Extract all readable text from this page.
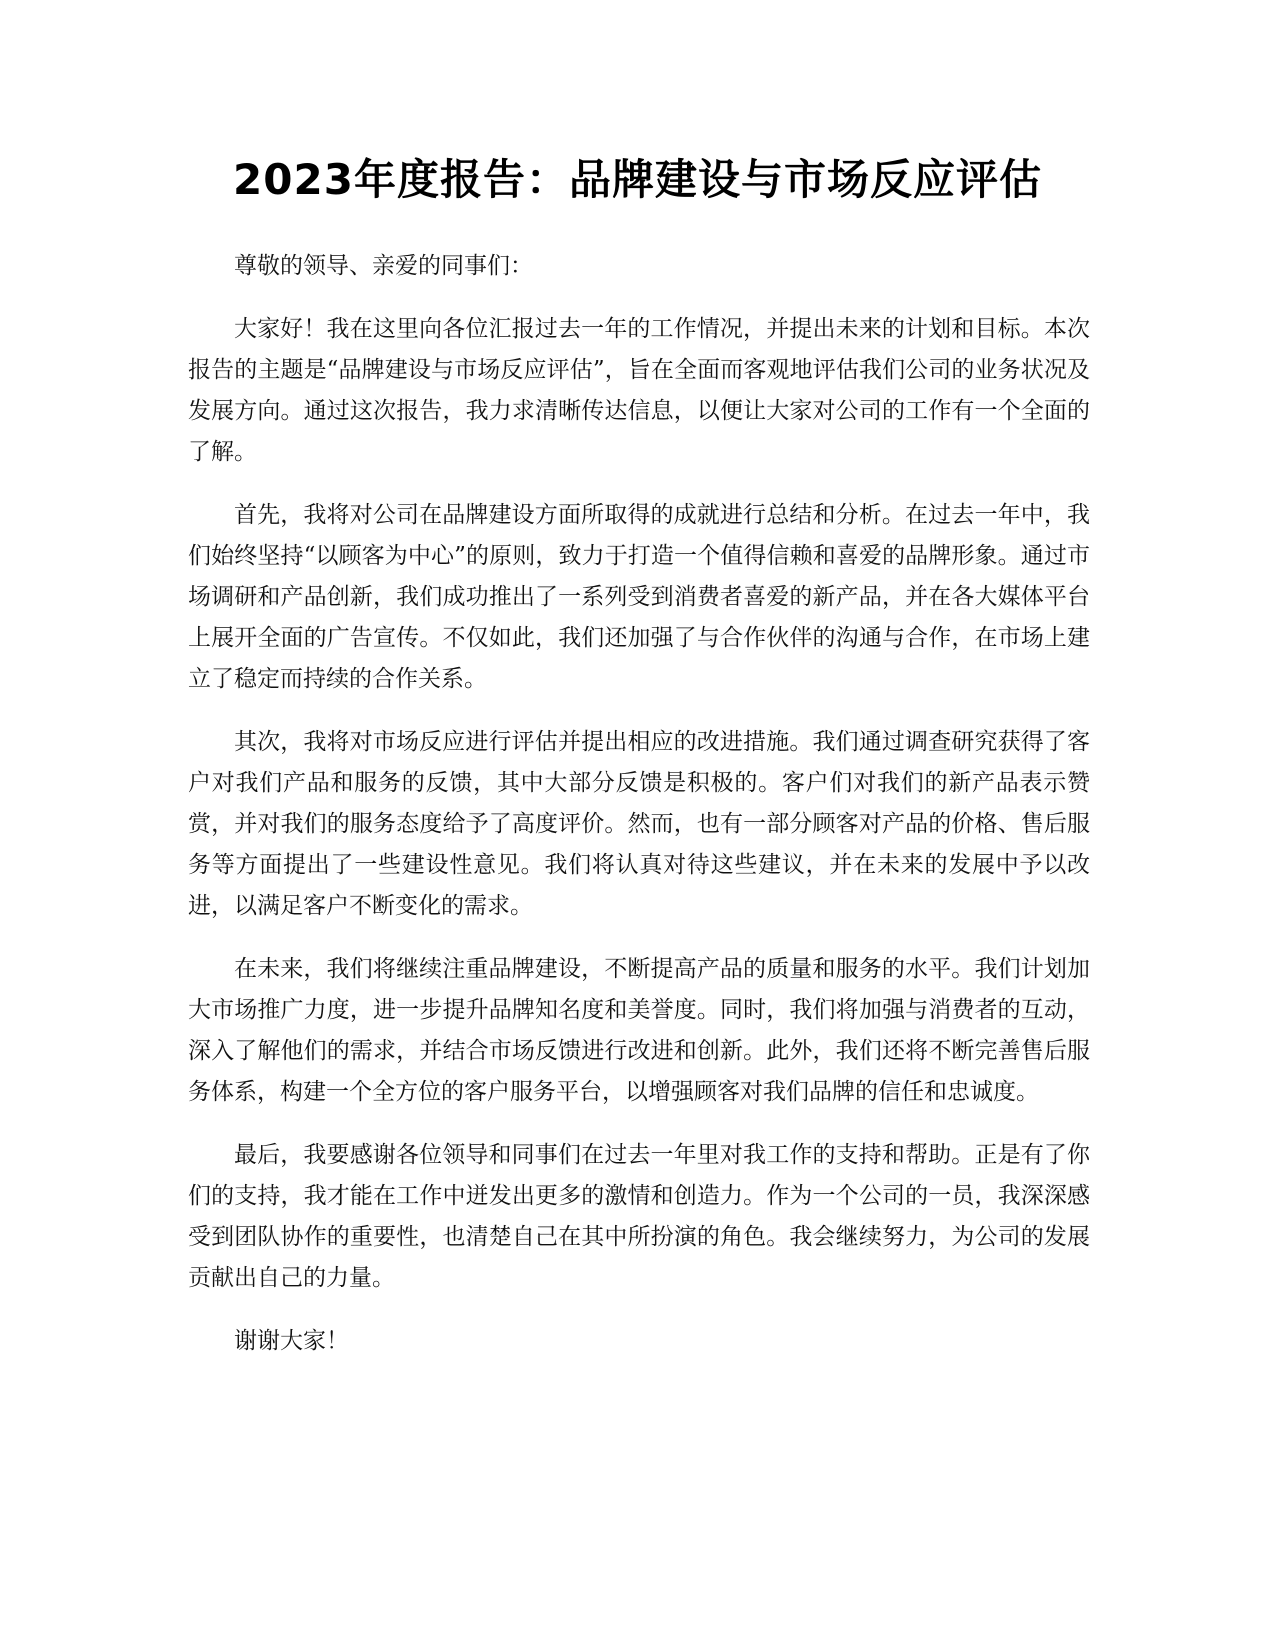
2023年度报告：品牌建设与市场反应评估

尊敬的领导、亲爱的同事们：

大家好！我在这里向各位汇报过去一年的工作情况，并提出未来的计划和目标。本次报告的主题是“品牌建设与市场反应评估”，旨在全面而客观地评估我们公司的业务状况及发展方向。通过这次报告，我力求清晰传达信息，以便让大家对公司的工作有一个全面的了解。

首先，我将对公司在品牌建设方面所取得的成就进行总结和分析。在过去一年中，我们始终坚持“以顾客为中心”的原则，致力于打造一个值得信赖和喜爱的品牌形象。通过市场调研和产品创新，我们成功推出了一系列受到消费者喜爱的新产品，并在各大媒体平台上展开全面的广告宣传。不仅如此，我们还加强了与合作伙伴的沟通与合作，在市场上建立了稳定而持续的合作关系。

其次，我将对市场反应进行评估并提出相应的改进措施。我们通过调查研究获得了客户对我们产品和服务的反馈，其中大部分反馈是积极的。客户们对我们的新产品表示赞赏，并对我们的服务态度给予了高度评价。然而，也有一部分顾客对产品的价格、售后服务等方面提出了一些建设性意见。我们将认真对待这些建议，并在未来的发展中予以改进，以满足客户不断变化的需求。

在未来，我们将继续注重品牌建设，不断提高产品的质量和服务的水平。我们计划加大市场推广力度，进一步提升品牌知名度和美誉度。同时，我们将加强与消费者的互动，深入了解他们的需求，并结合市场反馈进行改进和创新。此外，我们还将不断完善售后服务体系，构建一个全方位的客户服务平台，以增强顾客对我们品牌的信任和忠诚度。

最后，我要感谢各位领导和同事们在过去一年里对我工作的支持和帮助。正是有了你们的支持，我才能在工作中迸发出更多的激情和创造力。作为一个公司的一员，我深深感受到团队协作的重要性，也清楚自己在其中所扮演的角色。我会继续努力，为公司的发展贡献出自己的力量。

谢谢大家！
